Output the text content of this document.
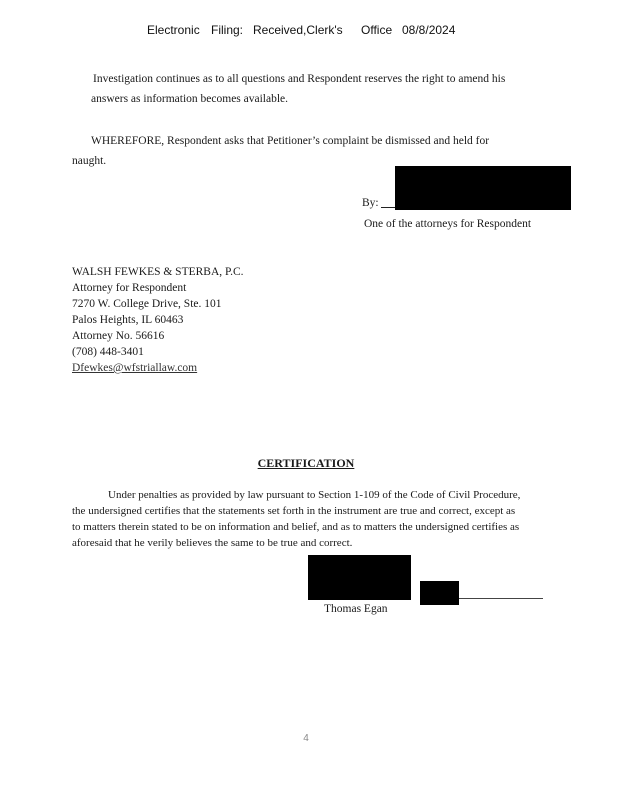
Electronic Filing: Received,Clerk's Office 08/8/2024
Investigation continues as to all questions and Respondent reserves the right to amend his
answers as information becomes available.
WHEREFORE, Respondent asks that Petitioner’s complaint be dismissed and held for
naught.
By:
One of the attorneys for Respondent
WALSH FEWKES & STERBA, P.C.
Attorney for Respondent
7270 W. College Drive, Ste. 101
Palos Heights, IL 60463
Attorney No. 56616
(708) 448-3401
Dfewkes@wfstriallaw.com
CERTIFICATION
Under penalties as provided by law pursuant to Section 1-109 of the Code of Civil Procedure,
the undersigned certifies that the statements set forth in the instrument are true and correct, except as
to matters therein stated to be on information and belief, and as to matters the undersigned certifies as
aforesaid that he verily believes the same to be true and correct.
Thomas Egan
4
